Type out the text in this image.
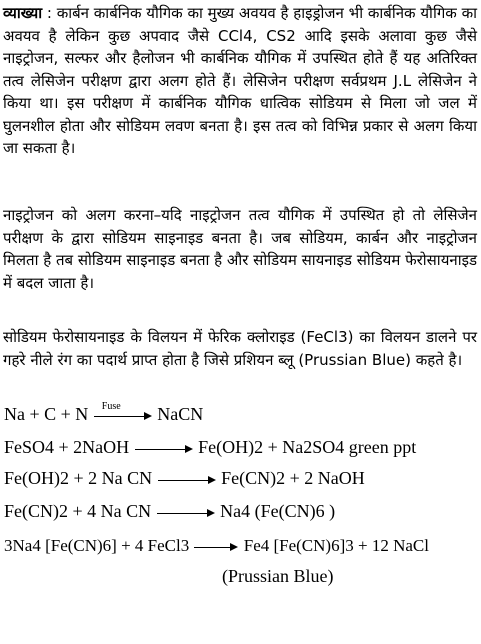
व्याख्या : कार्बन कार्बनिक यौगिक का मुख्य अवयव है हाइड्रोजन भी कार्बनिक यौगिक का अवयव है लेकिन कुछ अपवाद जैसे CCl4, CS2 आदि इसके अलावा कुछ जैसे नाइट्रोजन, सल्फर और हैलोजन भी कार्बनिक यौगिक में उपस्थित होते हैं यह अतिरिक्त तत्व लेसिजेन परीक्षण द्वारा अलग होते हैं। लेसिजेन परीक्षण सर्वप्रथम J.L लेसिजेन ने किया था। इस परीक्षण में कार्बनिक यौगिक धात्विक सोडियम से मिला जो जल में घुलनशील होता और सोडियम लवण बनता है। इस तत्व को विभिन्न प्रकार से अलग किया जा सकता है।
नाइट्रोजन को अलग करना–यदि नाइट्रोजन तत्व यौगिक में उपस्थित हो तो लेसिजेन परीक्षण के द्वारा सोडियम साइनाइड बनता है। जब सोडियम, कार्बन और नाइट्रोजन मिलता है तब सोडियम साइनाइड बनता है और सोडियम सायनाइड सोडियम फेरोसायनाइड में बदल जाता है।
सोडियम फेरोसायनाइड के विलयन में फेरिक क्लोराइड (FeCl3) का विलयन डालने पर गहरे नीले रंग का पदार्थ प्राप्त होता है जिसे प्रशियन ब्लू (Prussian Blue) कहते है।
Na + C + N Fuse NaCN
FeSO4 + 2NaOH	Fe(OH)2 + Na2SO4 green ppt
Fe(OH)2 + 2 Na CN	Fe(CN)2 + 2 NaOH
Fe(CN)2 + 4 Na CN	Na4 (Fe(CN)6 )
3Na4 [Fe(CN)6] + 4 FeCl3	Fe4 [Fe(CN)6]3 + 12 NaCl
(Prussian Blue)
